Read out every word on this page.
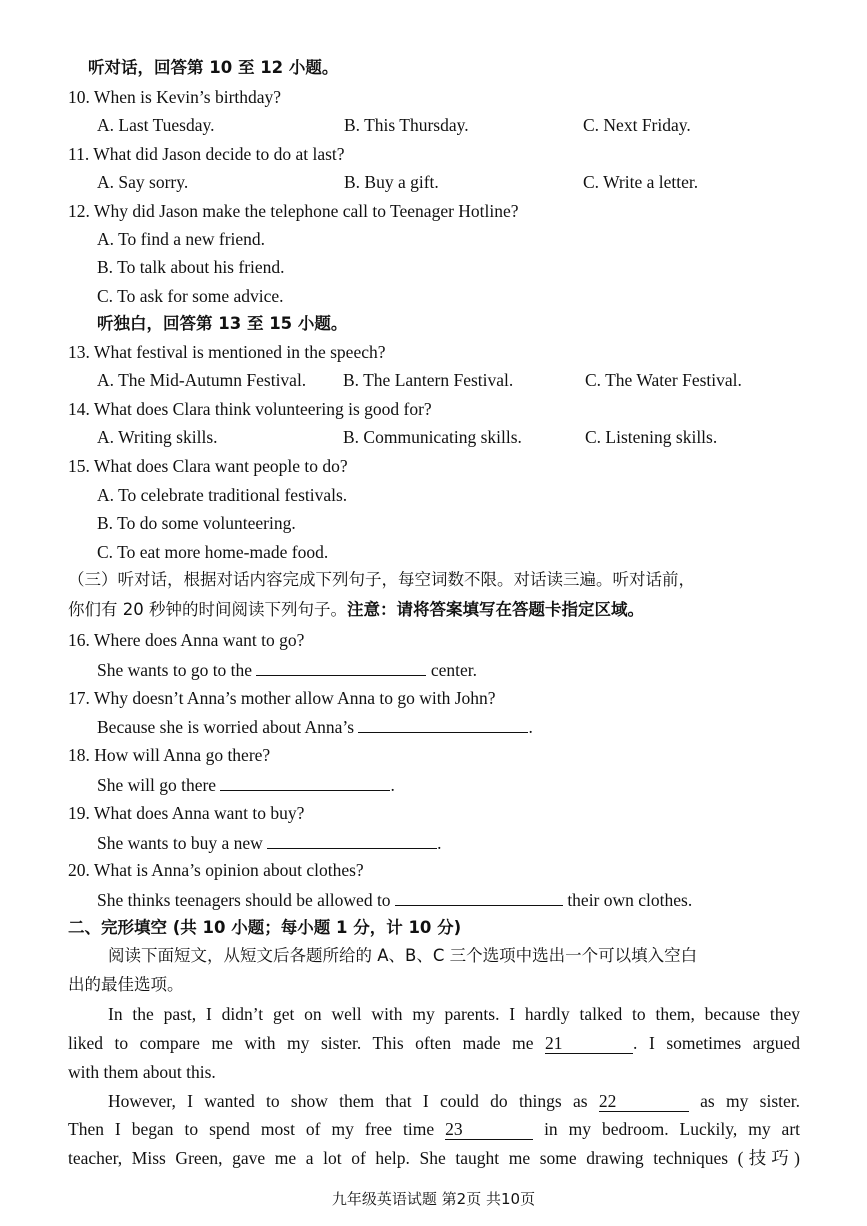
听对话，回答第 10 至 12 小题。
10. When is Kevin’s birthday?
A. Last Tuesday.	B. This Thursday.	C. Next Friday.
11. What did Jason decide to do at last?
A. Say sorry.	B. Buy a gift.	C. Write a letter.
12. Why did Jason make the telephone call to Teenager Hotline?
A. To find a new friend.
B. To talk about his friend.
C. To ask for some advice.
听独白，回答第 13 至 15 小题。
13. What festival is mentioned in the speech?
A. The Mid-Autumn Festival. B. The Lantern Festival.	C. The Water Festival.
14. What does Clara think volunteering is good for?
A. Writing skills.	B. Communicating skills.	C. Listening skills.
15. What does Clara want people to do?
A. To celebrate traditional festivals.
B. To do some volunteering.
C. To eat more home-made food.
（三）听对话，根据对话内容完成下列句子，每空词数不限。对话读三遍。听对话前，
你们有 20 秒钟的时间阅读下列句子。注意：请将答案填写在答题卡指定区域。
16. Where does Anna want to go?
She wants to go to the	center.
17. Why doesn’t Anna’s mother allow Anna to go with John?
Because she is worried about Anna’s	.
18. How will Anna go there?
She will go there	.
19. What does Anna want to buy?
She wants to buy a new	.
20. What is Anna’s opinion about clothes?
She thinks teenagers should be allowed to	their own clothes.
二、完形填空 (共 10 小题；每小题 1 分，计 10 分)
阅读下面短文，从短文后各题所给的 A、B、C 三个选项中选出一个可以填入空白
出的最佳选项。
In the past, I didn’t get on well with my parents. I hardly talked to them, because they
liked to compare me with my sister. This often made me 21	. I sometimes argued
with them about this.
However, I wanted to show them that I could do things as 22	as my sister.
Then I began to spend most of my free time 23	in my bedroom. Luckily, my art
teacher, Miss Green, gave me a lot of help. She taught me some drawing techniques (技巧)
九年级英语试题 第2页 共10页
